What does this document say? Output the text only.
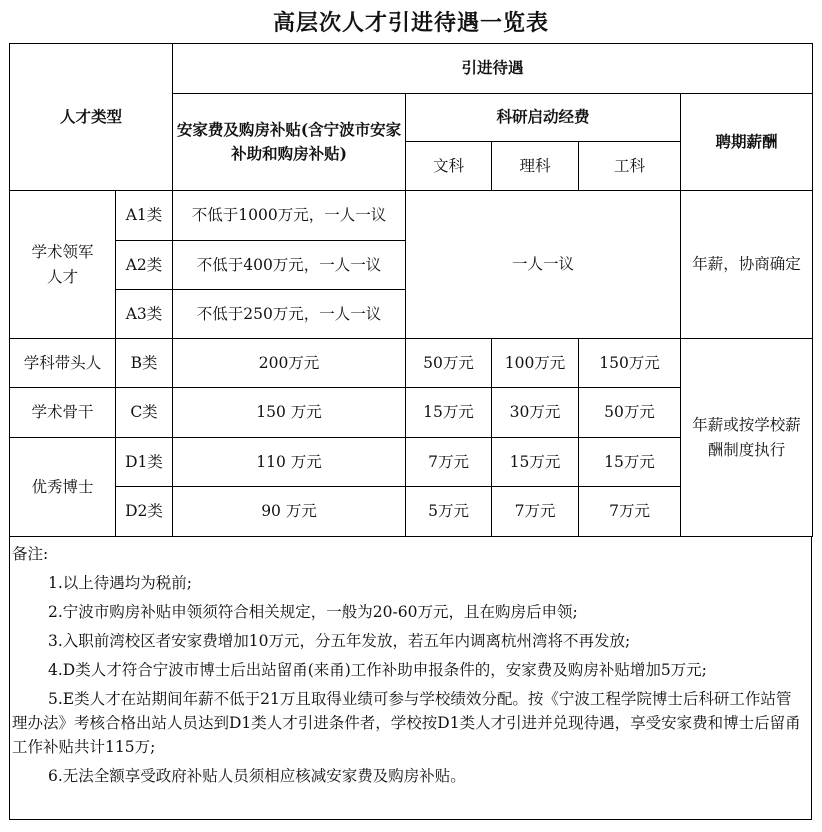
高层次人才引进待遇一览表
人才类型		引进待遇				
		安家费及购房补贴(含宁波市安家补助和购房补贴)	科研启动经费			聘期薪酬
			文科	理科	工科	
学术领军人才	A1类	不低于1000万元，一人一议	一人一议			年薪，协商确定
	A2类	不低于400万元，一人一议				
	A3类	不低于250万元，一人一议				
学科带头人	B类	200万元	50万元	100万元	150万元	年薪或按学校薪酬制度执行
学术骨干	C类	150 万元	15万元	30万元	50万元	
优秀博士	D1类	110 万元	7万元	15万元	15万元	
	D2类	90 万元	5万元	7万元	7万元	
备注:
1.以上待遇均为税前;
2.宁波市购房补贴申领须符合相关规定，一般为20-60万元，且在购房后申领;
3.入职前湾校区者安家费增加10万元，分五年发放，若五年内调离杭州湾将不再发放;
4.D类人才符合宁波市博士后出站留甬(来甬)工作补助申报条件的，安家费及购房补贴增加5万元;
5.E类人才在站期间年薪不低于21万且取得业绩可参与学校绩效分配。按《宁波工程学院博士后科研工作站管理办法》考核合格出站人员达到D1类人才引进条件者，学校按D1类人才引进并兑现待遇，享受安家费和博士后留甬工作补贴共计115万;
6.无法全额享受政府补贴人员须相应核减安家费及购房补贴。
